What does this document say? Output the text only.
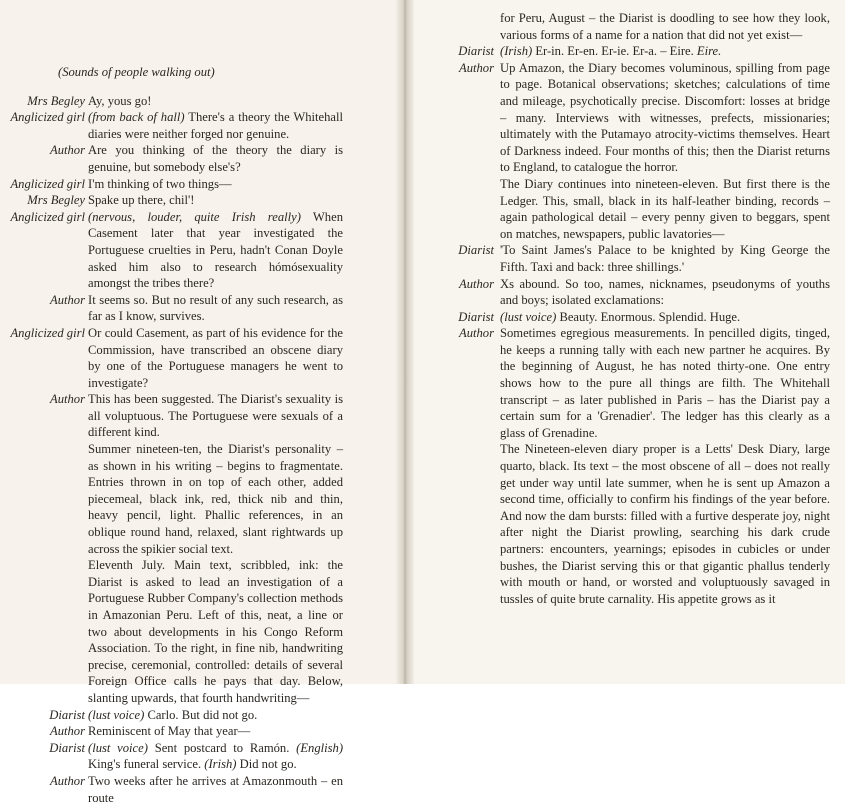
(Sounds of people walking out)
Mrs Begley Ay, yous go!
Anglicized girl (from back of hall) There's a theory the Whitehall diaries were neither forged nor genuine.
Author Are you thinking of the theory the diary is genuine, but somebody else's?
Anglicized girl I'm thinking of two things—
Mrs Begley Spake up there, chil'!
Anglicized girl (nervous, louder, quite Irish really) When Casement later that year investigated the Portuguese cruelties in Peru, hadn't Conan Doyle asked him also to research hómósexuality amongst the tribes there?
Author It seems so. But no result of any such research, as far as I know, survives.
Anglicized girl Or could Casement, as part of his evidence for the Commission, have transcribed an obscene diary by one of the Portuguese managers he went to investigate?
Author This has been suggested. The Diarist's sexuality is all voluptuous. The Portuguese were sexuals of a different kind.
Summer nineteen-ten, the Diarist's personality – as shown in his writing – begins to fragmentate. Entries thrown in on top of each other, added piecemeal, black ink, red, thick nib and thin, heavy pencil, light. Phallic references, in an oblique round hand, relaxed, slant rightwards up across the spikier social text.
Eleventh July. Main text, scribbled, ink: the Diarist is asked to lead an investigation of a Portuguese Rubber Company's collection methods in Amazonian Peru. Left of this, neat, a line or two about developments in his Congo Reform Association. To the right, in fine nib, handwriting precise, ceremonial, controlled: details of several Foreign Office calls he pays that day. Below, slanting upwards, that fourth handwriting—
Diarist (lust voice) Carlo. But did not go.
Author Reminiscent of May that year—
Diarist (lust voice) Sent postcard to Ramón. (English) King's funeral service. (Irish) Did not go.
Author Two weeks after he arrives at Amazonmouth – en route
for Peru, August – the Diarist is doodling to see how they look, various forms of a name for a nation that did not yet exist—
Diarist (Irish) Er-in. Er-en. Er-ie. Er-a. – Eire. Eire.
Author Up Amazon, the Diary becomes voluminous, spilling from page to page. Botanical observations; sketches; calculations of time and mileage, psychotically precise. Discomfort: losses at bridge – many. Interviews with witnesses, prefects, missionaries; ultimately with the Putamayo atrocity-victims themselves. Heart of Darkness indeed. Four months of this; then the Diarist returns to England, to catalogue the horror.
The Diary continues into nineteen-eleven. But first there is the Ledger. This, small, black in its half-leather binding, records – again pathological detail – every penny given to beggars, spent on matches, newspapers, public lavatories—
Diarist 'To Saint James's Palace to be knighted by King George the Fifth. Taxi and back: three shillings.'
Author Xs abound. So too, names, nicknames, pseudonyms of youths and boys; isolated exclamations:
Diarist (lust voice) Beauty. Enormous. Splendid. Huge.
Author Sometimes egregious measurements. In pencilled digits, tinged, he keeps a running tally with each new partner he acquires. By the beginning of August, he has noted thirty-one. One entry shows how to the pure all things are filth. The Whitehall transcript – as later published in Paris – has the Diarist pay a certain sum for a 'Grenadier'. The ledger has this clearly as a glass of Grenadine.
The Nineteen-eleven diary proper is a Letts' Desk Diary, large quarto, black. Its text – the most obscene of all – does not really get under way until late summer, when he is sent up Amazon a second time, officially to confirm his findings of the year before. And now the dam bursts: filled with a furtive desperate joy, night after night the Diarist prowling, searching his dark crude partners: encounters, yearnings; episodes in cubicles or under bushes, the Diarist serving this or that gigantic phallus tenderly with mouth or hand, or worsted and voluptuously savaged in tussles of quite brute carnality. His appetite grows as it
